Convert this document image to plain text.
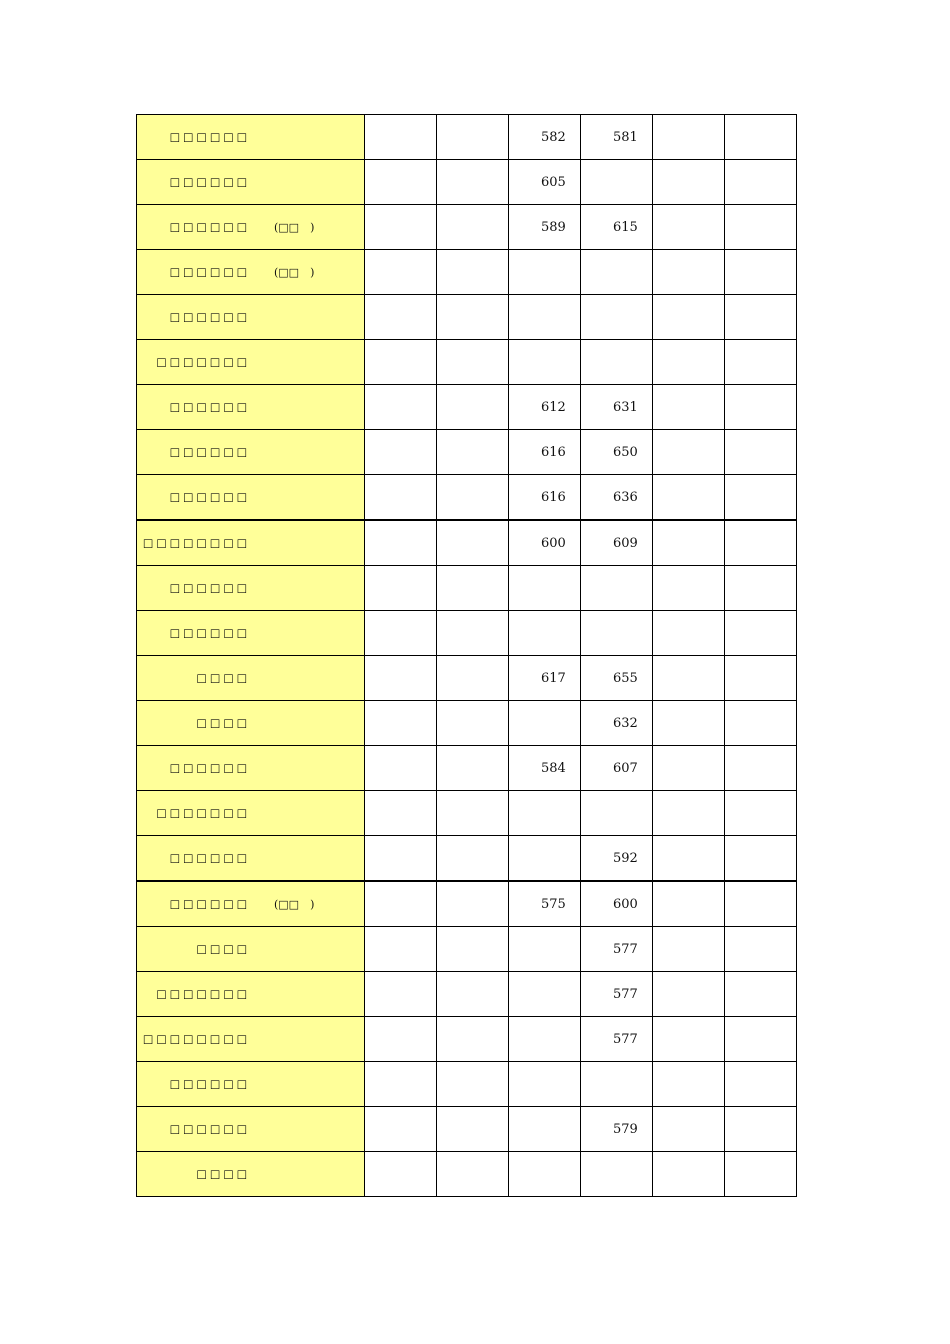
□□□□□□			582	581		

□□□□□□			605			

□□□□□□ (□□　)			589	615		

□□□□□□ (□□　)						

□□□□□□						

□□□□□□□						

□□□□□□			612	631		

□□□□□□			616	650		

□□□□□□			616	636		

□□□□□□□□			600	609		

□□□□□□						

□□□□□□						

□□□□			617	655		

□□□□				632		

□□□□□□			584	607		

□□□□□□□						

□□□□□□				592		

□□□□□□ (□□　)			575	600		

□□□□				577		

□□□□□□□				577		

□□□□□□□□				577		

□□□□□□						

□□□□□□				579		

□□□□						
